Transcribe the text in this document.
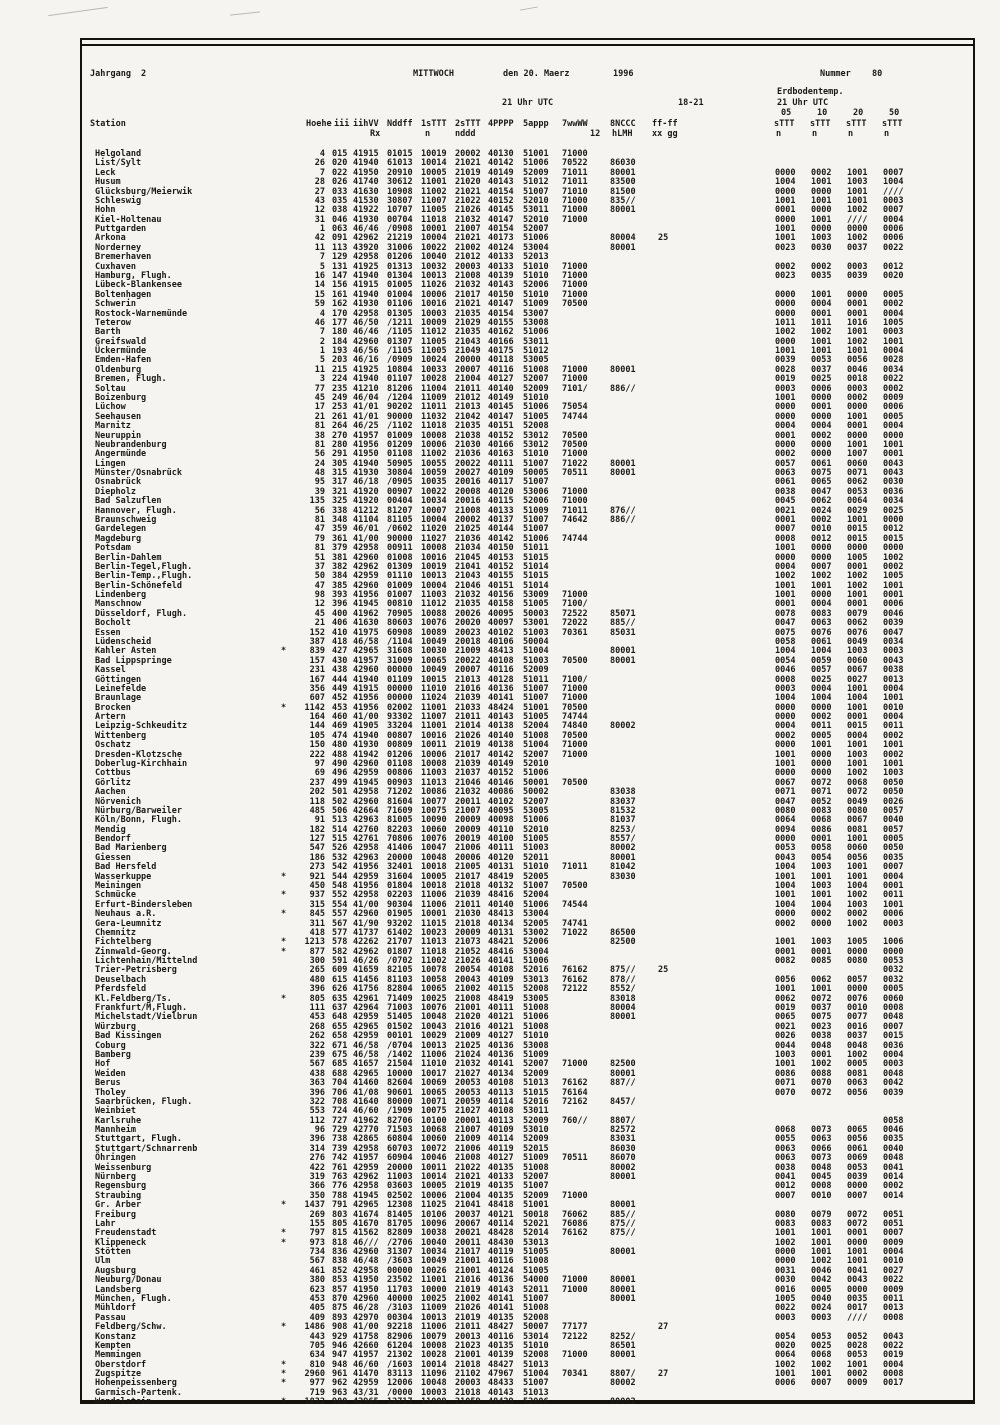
Jahrgang 2	MITTWOCH	den 20. Maerz	1996	Nummer	80
Erdbodentemp.
21 Uhr UTC
05	10	20	50
21 Uhr UTC	18-21
Station	Hoehe iii iihVV Nddff 1sTTT 2sTTT 4PPPP 5appp 7wwWW	8NCCC ff-ff	sTTT sTTT sTTT sTTT
Rx	n	nddd	12 hLMH xx gg	n	n	n	n
Helgoland	4 015 41915 01015 10019 20002 40130 51001 71000
List/Sylt	26 020 41940 61013 10014 21021 40142 51006 70522	86030
Leck	7 022 41950 20910 10005 21019 40149 52009 71011	80001	0000 0002 1001 0007
Husum	28 026 41740 30612 11001 21020 40143 51012 71011	83500	1004 1001 1003 1004
Glücksburg/Meierwik	27 033 41630 10908 11002 21021 40154 51007 71010	81500	0000 0000 1001 ////
Schleswig	43 035 41530 30807 11007 21022 40152 52010 71000	835//	1001 1001 1001 0003
Hohn	12 038 41922 10707 11005 21026 40145 53011 71000	80001	0001 0000 1002 0007
Kiel-Holtenau	31 046 41930 00704 11018 21032 40147 52010 71000	0000 1001 //// 0004
Puttgarden	1 063 46/46 /0908 10001 21007 40154 52007	1001 0000 0000 0006
Arkona	42 091 42962 21219 10004 21021 40173 51006	80004	25	1001 1003 1002 0006
Norderney	11 113 43920 31006 10022 21002 40124 53004	80001	0023 0030 0037 0022
Bremerhaven	7 129 42958 01206 10040 21012 40133 52013
Cuxhaven	5 131 41925 01313 10032 20003 40133 51010 71000	0002 0002 0003 0012
Hamburg, Flugh.	16 147 41940 01304 10013 21008 40139 51010 71000	0023 0035 0039 0020
Lübeck-Blankensee	14 156 41915 01005 11026 21032 40143 52006 71000
Boltenhagen	15 161 41940 01004 10006 21017 40150 51010 71000	0000 1001 0000 0005
Schwerin	59 162 41930 01106 10016 21021 40147 51009 70500	0000 0004 0001 0002
Rostock-Warnemünde	4 170 42958 01305 10003 21035 40154 53007	0000 0001 0001 0004
Teterow	46 177 46/50 /1211 10009 21029 40155 53008	1011 1011 1016 1005
Barth	7 180 46/46 /1105 11012 21035 40162 51006	1002 1002 1001 0003
Greifswald	2 184 42960 01307 11005 21043 40166 53011	0000 1001 1002 1001
Ückermünde	1 193 46/56 /1105 11005 21049 40175 51012	1001 1001 1001 0004
Emden-Hafen	5 203 46/16 /0909 10024 20000 40118 53005	0039 0053 0056 0028
Oldenburg	11 215 41925 10804 10033 20007 40116 51008 71000	80001	0028 0037 0046 0034
Bremen, Flugh.	3 224 41940 01107 10028 21004 40127 52007 71000	0019 0025 0018 0022
Soltau	77 235 41210 81206 11004 21011 40140 52009 7101/	886//	0003 0006 0003 0002
Boizenburg	45 249 46/04 /1204 11009 21012 40149 51010	1001 0000 0002 0009
Lüchow	17 253 41/01 90202 11011 21013 40145 51006 75054	0000 0001 0000 0006
Seehausen	21 261 41/01 90000 11032 21042 40147 51005 74744	0000 0000 1001 0005
Marnitz	81 264 46/25 /1102 11018 21035 40151 52008	0004 0004 0001 0004
Neuruppin	38 270 41957 01009 10008 21038 40152 53012 70500	0001 0002 0000 0000
Neubrandenburg	81 280 41956 01209 10006 21030 40166 53012 70500	0000 0000 1001 1001
Angermünde	56 291 41950 01108 11002 21036 40163 51010 71000	0002 0000 1007 0001
Lingen	24 305 41940 50905 10055 20022 40111 51007 71022	80001	0057 0061 0060 0043
Münster/Osnabrück	48 315 41930 30804 10059 20027 40109 50005 70511	80001	0063 0075 0071 0043
Osnabrück	95 317 46/18 /0905 10035 20016 40117 51007	0061 0065 0062 0030
Diepholz	39 321 41920 00907 10022 20008 40120 53006 71000	0038 0047 0053 0036
Bad Salzuflen	135 325 41920 00404 10034 20016 40115 52006 71000	0045 0062 0064 0034
Hannover, Flugh.	56 338 41212 81207 10007 21008 40133 51009 71011	876//	0021 0024 0029 0025
Braunschweig	81 348 41104 81105 10004 20002 40137 51007 74642	886//	0001 0002 1001 0000
Gardelegen	47 359 46/01 /0602 11020 21025 40144 51007	0007 0010 0015 0012
Magdeburg	79 361 41/00 90000 11027 21036 40142 51006 74744	0008 0012 0015 0015
Potsdam	81 379 42958 00911 10008 21034 40150 51011	1001 0000 0000 0000
Berlin-Dahlem	51 381 42960 01008 10016 21045 40153 51015	0000 0000 1005 1002
Berlin-Tegel,Flugh.	37 382 42962 01309 10019 21041 40152 51014	0004 0007 0001 0002
Berlin-Temp.,Flugh.	50 384 42959 01110 10013 21043 40155 51015	1002 1002 1002 1005
Berlin-Schönefeld	47 385 42960 01009 10004 21046 40151 51014	1001 1001 1002 1001
Lindenberg	98 393 41956 01007 11003 21032 40156 53009 71000	1001 0000 1001 0001
Manschnow	12 396 41945 00810 11012 21035 40158 51005 7100/	0001 0004 0001 0006
Düsseldorf, Flugh.	45 400 41962 70905 10088 20026 40095 50003 72522	85071	0078 0083 0079 0046
Bocholt	21 406 41630 80603 10076 20020 40097 53001 72022	885//	0047 0063 0062 0039
Essen	152 410 41975 60908 10089 20023 40102 51003 70361	85031	0075 0076 0076 0047
Lüdenscheid	387 418 46/58 /1104 10049 20018 40106 50004	0058 0061 0049 0034
Kahler Asten	*	839 427 42965 31608 10030 21009 48413 51004	80001	1004 1004 1003 0003
Bad Lippspringe	157 430 41957 31009 10065 20022 40108 51003 70500	80001	0054 0059 0060 0043
Kassel	231 438 42960 00000 10049 20007 40116 52009	0046 0057 0067 0038
Göttingen	167 444 41940 01109 10015 21013 40128 51011 7100/	0008 0025 0027 0013
Leinefelde	356 449 41915 00000 11010 21016 40136 51007 71000	0003 0004 1001 0004
Braunlage	607 452 41956 00000 11024 21039 40141 51007 71000	1004 1004 1004 1001
Brocken	*	1142 453 41956 02002 11001 21033 48424 51001 70500	0000 0000 1001 0010
Artern	164 460 41/00 93302 11007 21011 40143 51005 74744	0000 0002 0001 0004
Leipzig-Schkeuditz	144 469 41905 33204 11001 21014 40138 52004 74840	80002	0004 0011 0015 0011
Wittenberg	105 474 41940 00807 10016 21026 40140 51008 70500	0002 0005 0004 0002
Oschatz	150 480 41930 00809 10011 21019 40138 51004 71000	0000 1001 1001 1001
Dresden-Klotzsche	222 488 41942 01206 10006 21017 40142 52007 71000	1001 0000 1003 0002
Doberlug-Kirchhain	97 490 42960 01108 10008 21039 40149 52010	1001 0000 1001 1001
Cottbus	69 496 42959 00806 11003 21037 40152 51006	0000 0000 1002 1003
Görlitz	237 499 41945 00903 11013 21046 40146 50001 70500	0067 0072 0068 0050
Aachen	202 501 42958 71202 10086 21032 40086 50002	83038	0071 0071 0072 0050
Nörvenich	118 502 42960 81604 10077 20011 40102 52007	83037	0047 0052 0049 0026
Nürburg/Barweiler	485 506 42664 71609 10075 21007 40095 53005	81532	0080 0083 0080 0057
Köln/Bonn, Flugh.	91 513 42963 81005 10090 20009 40098 51006	81037	0064 0068 0067 0040
Mendig	182 514 42760 82203 10060 20009 40110 52010	8253/	0094 0086 0081 0057
Bendorf	127 515 42761 70806 10076 20019 40100 51005	8557/	0000 0001 1001 0005
Bad Marienberg	547 526 42958 41406 10047 21006 40111 51003	80002	0053 0058 0060 0050
Giessen	186 532 42963 20000 10048 20006 40120 52011	80001	0043 0054 0056 0035
Bad Hersfeld	273 542 41956 32401 10018 21005 40131 51010 71011	81042	1004 1003 1001 0007
Wasserkuppe	*	921 544 42959 31604 10005 21017 48419 52005	83030	1001 1001 1001 0004
Meiningen	450 548 41956 01804 10018 21018 40132 51007 70500	1004 1003 1004 0001
Schmücke	*	937 552 42958 02203 11006 21039 48416 52004	1001 1001 1002 0011
Erfurt-Bindersleben	315 554 41/00 90304 11006 21011 40140 51006 74544	1004 1004 1003 1001
Neuhaus a.R.	*	845 557 42960 01905 10001 21030 48413 53004	0000 0002 0002 0006
Gera-Leumnitz	311 567 41/90 93202 11015 21018 40134 52005 74741	0002 0000 1002 0003
Chemnitz	418 577 41737 61402 10023 20009 40131 53002 71022	86500
Fichtelberg	*	1213 578 42262 21707 11013 21073 48421 52006	82500	1001 1003 1005 1006
Zinnwald-Georg.	*	877 582 42962 01807 11018 21052 48416 53004	0001 0001 0000 0000
Lichtenhain/Mittelnd	300 591 46/26 /0702 11002 21026 40141 51006	0082 0085 0080 0053
Trier-Petrisberg	265 609 41659 82105 10078 20054 40108 52016 76162	875//	25	0032
Deuselbach	480 615 41456 81103 10058 20043 40109 53013 76162	878//	0056 0062 0057 0032
Pferdsfeld	396 626 41756 82804 10065 21002 40115 52008 72122	8552/	1001 1001 0000 0005
Kl.Feldberg/Ts.	*	805 635 42961 71409 10025 21008 48419 53005	83018	0062 0072 0076 0060
Frankfurt/M,Flugh.	111 637 42964 71003 10076 21001 40111 51008	80004	0019 0037 0010 0008
Michelstadt/Vielbrun	453 648 42959 51405 10048 21020 40121 51006	80001	0065 0075 0077 0048
Würzburg	268 655 42965 01502 10043 21016 40121 51008	0021 0023 0016 0007
Bad Kissingen	262 658 42959 00101 10029 21009 40127 51010	0026 0038 0037 0015
Coburg	322 671 46/58 /0704 10013 21025 40136 53008	0044 0048 0048 0036
Bamberg	239 675 46/58 /1402 11006 21024 40136 51009	1003 0001 1002 0004
Hof	567 685 41657 21504 11010 21032 40141 52007 71000	82500	1001 1002 0005 0003
Weiden	438 688 42965 10000 10017 21027 40134 52009	80001	0086 0088 0081 0048
Berus	363 704 41460 82604 10069 20053 40108 51013 76162	887//	0071 0070 0063 0042
Tholey	396 706 41/08 90601 10065 20053 40113 51015 76164	0070 0072 0056 0039
Saarbrücken, Flugh.	322 708 41640 80000 10071 20059 40114 52016 72162	8457/
Weinbiet	553 724 46/60 /1909 10075 21027 40108 53011
Karlsruhe	112 727 41962 82706 10100 20001 40113 52009 760//	8807/	0058
Mannheim	96 729 42770 71503 10068 21007 40109 53010	82572	0068 0073 0065 0046
Stuttgart, Flugh.	396 738 42865 60804 10060 21009 40114 52009	83031	0055 0063 0056 0035
Stuttgart/Schnarrenb	314 739 42958 60703 10072 21006 40119 52015	86030	0063 0066 0061 0040
Öhringen	276 742 41957 60904 10046 21008 40127 51009 70511	86070	0063 0073 0069 0048
Weissenburg	422 761 42959 20000 10011 21022 40135 51008	80002	0038 0048 0053 0041
Nürnberg	319 763 42962 11003 10014 21021 40133 52007	80001	0041 0045 0039 0014
Regensburg	366 776 42958 03603 10005 21019 40135 51007	0012 0008 0000 0002
Straubing	350 788 41945 02502 10006 21004 40135 52009 71000	0007 0010 0007 0014
Gr. Arber	*	1437 791 42965 12308 11025 21041 48418 51001	80001
Freiburg	269 803 41674 81405 10106 20037 40121 50018 76062	885//	0080 0079 0072 0051
Lahr	155 805 41670 81705 10096 20067 40114 52021 76086	875//	0083 0083 0072 0051
Freudenstadt	*	797 815 41562 82809 10038 20021 48428 52014 76162	875//	1001 1001 0001 0007
Klippeneck	*	973 818 46/// /2706 10040 20011 48430 53013	1002 1001 0000 0009
Stötten	734 836 42960 31307 10034 21017 40119 51005	80001	0000 1001 1001 0004
Ulm	567 838 46/48 /3603 10049 21001 40116 51008	0000 1002 1001 0010
Augsburg	461 852 42958 00000 10026 21001 40124 51005	0031 0046 0041 0027
Neuburg/Donau	380 853 41950 23502 11001 21016 40136 54000 71000	80001	0030 0042 0043 0022
Landsberg	623 857 41950 11703 10000 21019 40143 52011 71000	80001	0016 0005 0000 0009
München, Flugh.	453 870 42960 40000 10025 21002 40141 51007	80001	1005 0040 0035 0011
Mühldorf	405 875 46/28 /3103 11009 21026 40141 51008	0022 0024 0017 0013
Passau	409 893 42970 00304 10013 21019 40135 52008	0003 0003 //// 0008
Feldberg/Schw.	*	1486 908 41/00 92218 11006 21011 48427 50007 77177	27
Konstanz	443 929 41758 82906 10079 20013 40116 53014 72122	8252/	0054 0053 0052 0043
Kempten	705 946 42660 61204 10008 21023 40135 51010	86501	0020 0025 0028 0022
Memmingen	634 947 41957 21302 10028 21001 40139 52008 71000	80001	0064 0068 0053 0019
Oberstdorf	*	810 948 46/60 /1603 10014 21018 48427 51013	1002 1002 1001 0004
Zugspitze	*	2960 961 41470 83113 11096 21102 47967 51004 70341	8807/	27	1001 1001 0002 0008
Hohenpeissenberg	*	977 962 42959 12006 10048 20003 48433 51007	80002	0006 0007 0009 0017
Garmisch-Partenk.	719 963 43/31 /0000 10003 21018 40143 51013
Wendelstein	*	1832 980 42965 12717 11009 21059 48429 52006	80002
